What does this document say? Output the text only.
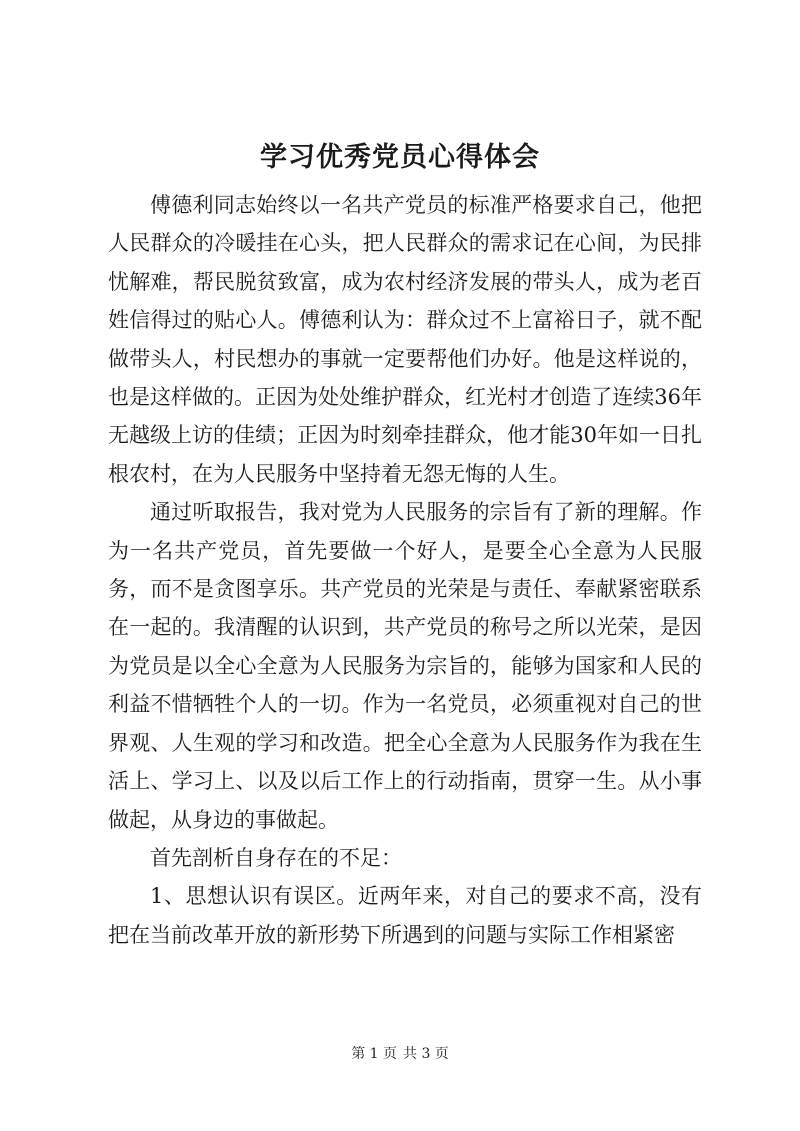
学习优秀党员心得体会

傅德利同志始终以一名共产党员的标准严格要求自己，他把人民群众的冷暖挂在心头，把人民群众的需求记在心间，为民排忧解难，帮民脱贫致富，成为农村经济发展的带头人，成为老百姓信得过的贴心人。傅德利认为：群众过不上富裕日子，就不配做带头人，村民想办的事就一定要帮他们办好。他是这样说的，也是这样做的。正因为处处维护群众，红光村才创造了连续36年无越级上访的佳绩；正因为时刻牵挂群众，他才能30年如一日扎根农村，在为人民服务中坚持着无怨无悔的人生。

通过听取报告，我对党为人民服务的宗旨有了新的理解。作为一名共产党员，首先要做一个好人，是要全心全意为人民服务，而不是贪图享乐。共产党员的光荣是与责任、奉献紧密联系在一起的。我清醒的认识到，共产党员的称号之所以光荣，是因为党员是以全心全意为人民服务为宗旨的，能够为国家和人民的利益不惜牺牲个人的一切。作为一名党员，必须重视对自己的世界观、人生观的学习和改造。把全心全意为人民服务作为我在生活上、学习上、以及以后工作上的行动指南，贯穿一生。从小事做起，从身边的事做起。

首先剖析自身存在的不足：

1、思想认识有误区。近两年来，对自己的要求不高，没有把在当前改革开放的新形势下所遇到的问题与实际工作相紧密

第 1 页 共 3 页
